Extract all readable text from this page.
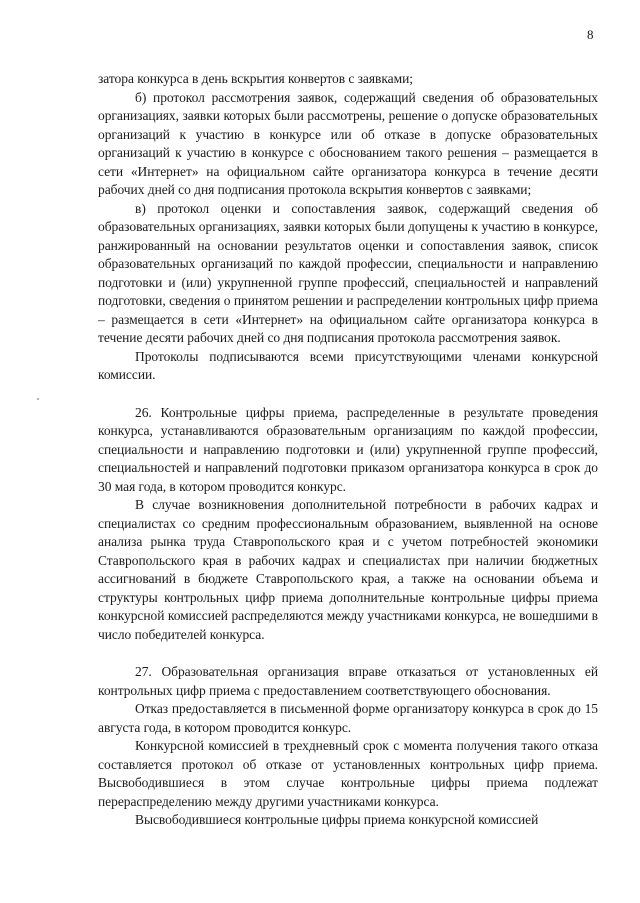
8

затора конкурса в день вскрытия конвертов с заявками;

б) протокол рассмотрения заявок, содержащий сведения об образовательных организациях, заявки которых были рассмотрены, решение о допуске образовательных организаций к участию в конкурсе или об отказе в допуске образовательных организаций к участию в конкурсе с обоснованием такого решения – размещается в сети «Интернет» на официальном сайте организатора конкурса в течение десяти рабочих дней со дня подписания протокола вскрытия конвертов с заявками;

в) протокол оценки и сопоставления заявок, содержащий сведения об образовательных организациях, заявки которых были допущены к участию в конкурсе, ранжированный на основании результатов оценки и сопоставления заявок, список образовательных организаций по каждой профессии, специальности и направлению подготовки и (или) укрупненной группе профессий, специальностей и направлений подготовки, сведения о принятом решении и распределении контрольных цифр приема – размещается в сети «Интернет» на официальном сайте организатора конкурса в течение десяти рабочих дней со дня подписания протокола рассмотрения заявок.

Протоколы подписываются всеми присутствующими членами конкурсной комиссии.

26. Контрольные цифры приема, распределенные в результате проведения конкурса, устанавливаются образовательным организациям по каждой профессии, специальности и направлению подготовки и (или) укрупненной группе профессий, специальностей и направлений подготовки приказом организатора конкурса в срок до 30 мая года, в котором проводится конкурс.

В случае возникновения дополнительной потребности в рабочих кадрах и специалистах со средним профессиональным образованием, выявленной на основе анализа рынка труда Ставропольского края и с учетом потребностей экономики Ставропольского края в рабочих кадрах и специалистах при наличии бюджетных ассигнований в бюджете Ставропольского края, а также на основании объема и структуры контрольных цифр приема дополнительные контрольные цифры приема конкурсной комиссией распределяются между участниками конкурса, не вошедшими в число победителей конкурса.

27. Образовательная организация вправе отказаться от установленных ей контрольных цифр приема с предоставлением соответствующего обоснования.

Отказ предоставляется в письменной форме организатору конкурса в срок до 15 августа года, в котором проводится конкурс.

Конкурсной комиссией в трехдневный срок с момента получения такого отказа составляется протокол об отказе от установленных контрольных цифр приема. Высвободившиеся в этом случае контрольные цифры приема подлежат перераспределению между другими участниками конкурса.

Высвободившиеся контрольные цифры приема конкурсной комиссией
